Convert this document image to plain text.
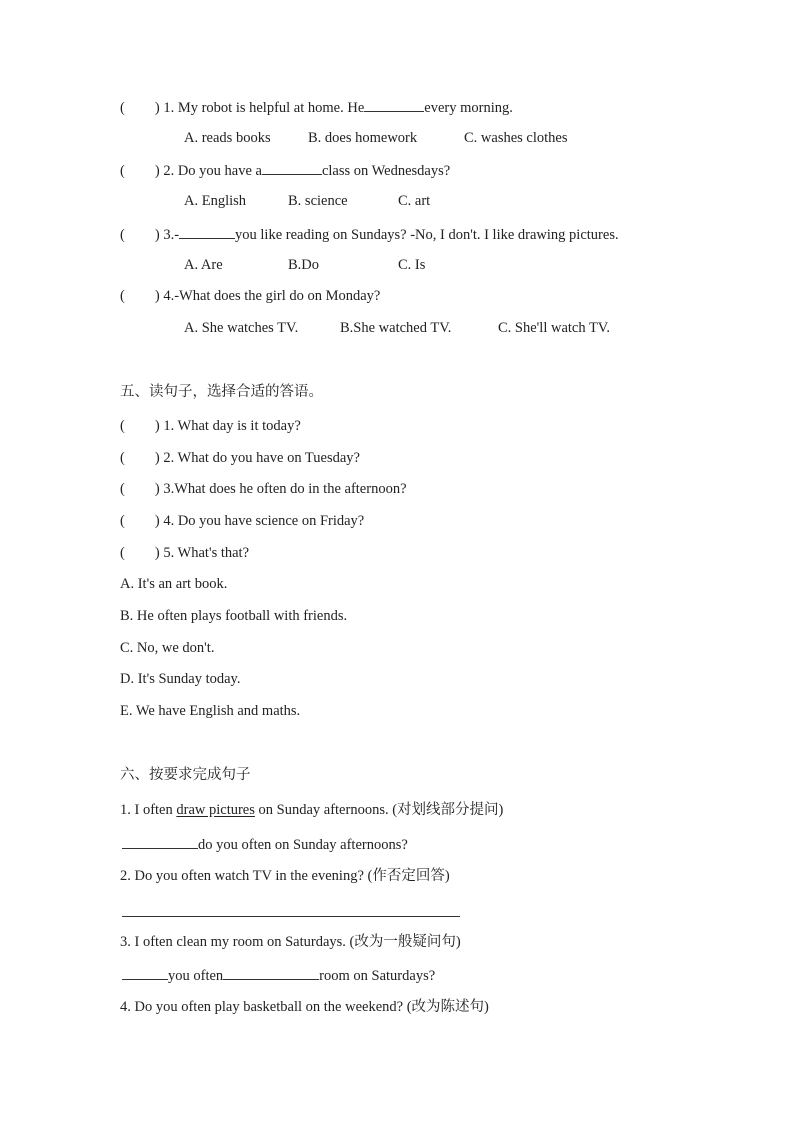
( ) 1. My robot is helpful at home. He	every morning.
A. reads books	B. does homework	C. washes clothes
( ) 2. Do you have a	class on Wednesdays?
A. English	B. science	C. art
( ) 3.-	you like reading on Sundays? -No, I don't. I like drawing pictures.
A. Are	B.Do	C. Is
( ) 4.-What does the girl do on Monday?
A. She watches TV.	B.She watched TV.	C. She'll watch TV.
五、读句子，选择合适的答语。
( ) 1. What day is it today?
( ) 2. What do you have on Tuesday?
( ) 3.What does he often do in the afternoon?
( ) 4. Do you have science on Friday?
( ) 5. What's that?
A. It's an art book.
B. He often plays football with friends.
C. No, we don't.
D. It's Sunday today.
E. We have English and maths.
六、按要求完成句子
1. I often draw pictures on Sunday afternoons. (对划线部分提问)
do you often on Sunday afternoons?
2. Do you often watch TV in the evening? (作否定回答)
3. I often clean my room on Saturdays. (改为一般疑问句)
you often	room on Saturdays?
4. Do you often play basketball on the weekend? (改为陈述句)
